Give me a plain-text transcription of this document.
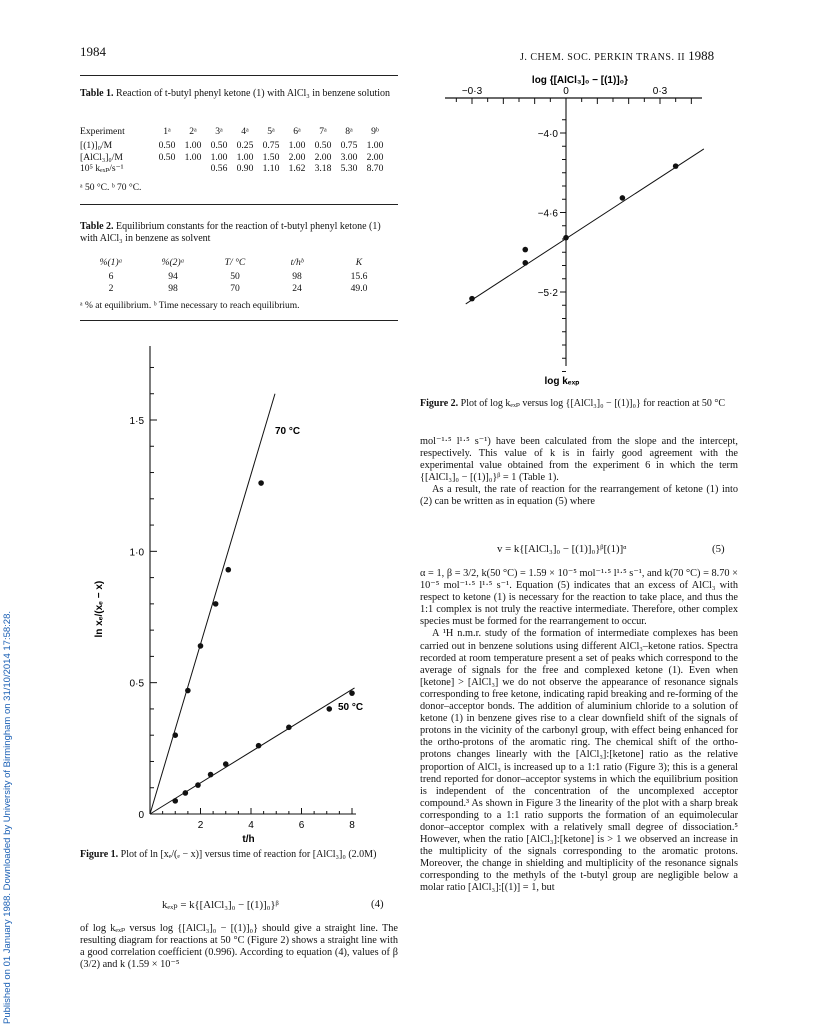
Published on 01 January 1988. Downloaded by University of Birmingham on 31/10/2014 17:58:28.
1984	J. CHEM. SOC. PERKIN TRANS. II 1988
Table 1. Reaction of t-butyl phenyl ketone (1) with AlCl₃ in benzene solution
Experiment	1ᵃ	2ᵃ	3ᵃ	4ᵃ	5ᵃ	6ᵃ	7ᵃ	8ᵃ	9ᵇ
[(1)]₀/M	0.50	1.00	0.50	0.25	0.75	1.00	0.50	0.75	1.00
[AlCl₃]₀/M	0.50	1.00	1.00	1.00	1.50	2.00	2.00	3.00	2.00
10⁵ kₑₓₚ/s⁻¹			0.56	0.90	1.10	1.62	3.18	5.30	8.70
ᵃ 50 °C. ᵇ 70 °C.
Table 2. Equilibrium constants for the reaction of t-butyl phenyl ketone (1) with AlCl₃ in benzene as solvent
%(1)ᵃ	%(2)ᵃ	T/ °C	t/hᵇ	K
6	94	50	98	15.6
2	98	70	24	49.0
ᵃ % at equilibrium. ᵇ Time necessary to reach equilibrium.
0
0·5
1·0
1·5
2	4	6	8
t/h
ln xₑ/(xₑ − x)
70 °C
50 °C
Figure 1. Plot of ln [xₑ/(ₑ − x)] versus time of reaction for [AlCl₃]₀ (2.0M)
kₑₓₚ = k{[AlCl₃]₀ − [(1)]₀}ᵝ	(4)

of log kₑₓₚ versus log {[AlCl₃]₀ − [(1)]₀} should give a straight line. The resulting diagram for reactions at 50 °C (Figure 2) shows a straight line with a good correlation coefficient (0.996). According to equation (4), values of β (3/2) and k (1.59 × 10⁻⁵

−0·3	0	0·3
log {[AlCl₃]₀ − [(1)]₀}
−4·0
−4·6
−5·2
log kₑₓₚ
Figure 2. Plot of log kₑₓₚ versus log {[AlCl₃]₀ − [(1)]₀} for reaction at 50 °C

mol⁻¹·⁵ l¹·⁵ s⁻¹) have been calculated from the slope and the intercept, respectively. This value of k is in fairly good agreement with the experimental value obtained from the experiment 6 in which the term {[AlCl₃]₀ − [(1)]₀}ᵝ = 1 (Table 1).

As a result, the rate of reaction for the rearrangement of ketone (1) into (2) can be written as in equation (5) where

v = k{[AlCl₃]₀ − [(1)]₀}ᵝ[(1)]ᵅ	(5)

α = 1, β = 3/2, k(50 °C) = 1.59 × 10⁻⁵ mol⁻¹·⁵ l¹·⁵ s⁻¹, and k(70 °C) = 8.70 × 10⁻⁵ mol⁻¹·⁵ l¹·⁵ s⁻¹. Equation (5) indicates that an excess of AlCl₃ with respect to ketone (1) is necessary for the reaction to take place, and thus the 1:1 complex is not truly the reactive intermediate. Therefore, other complex species must be formed for the rearrangement to occur.

A ¹H n.m.r. study of the formation of intermediate complexes has been carried out in benzene solutions using different AlCl₃–ketone ratios. Spectra recorded at room temperature present a set of peaks which correspond to the average of signals for the free and complexed ketone (1). Even when [ketone] > [AlCl₃] we do not observe the appearance of resonance signals corresponding to free ketone, indicating rapid breaking and re-forming of the donor–acceptor bonds. The addition of aluminium chloride to a solution of ketone (1) in benzene gives rise to a clear downfield shift of the signals of protons in the vicinity of the carbonyl group, with effect being enhanced for the ortho-protons of the aromatic ring. The chemical shift of the ortho-protons changes linearly with the [AlCl₃]:[ketone] ratio as the relative proportion of AlCl₃ is increased up to a 1:1 ratio (Figure 3); this is a general trend reported for donor–acceptor systems in which the equilibrium position is independent of the concentration of the uncomplexed acceptor compound.³ As shown in Figure 3 the linearity of the plot with a sharp break corresponding to a 1:1 ratio supports the formation of an equimolecular donor–acceptor complex with a relatively small degree of dissociation.⁵ However, when the ratio [AlCl₃]:[ketone] is > 1 we observed an increase in the multiplicity of the signals corresponding to the aromatic protons. Moreover, the change in shielding and multiplicity of the resonance signals corresponding to the methyls of the t-butyl group are negligible below a molar ratio [AlCl₃]:[(1)] = 1, but
